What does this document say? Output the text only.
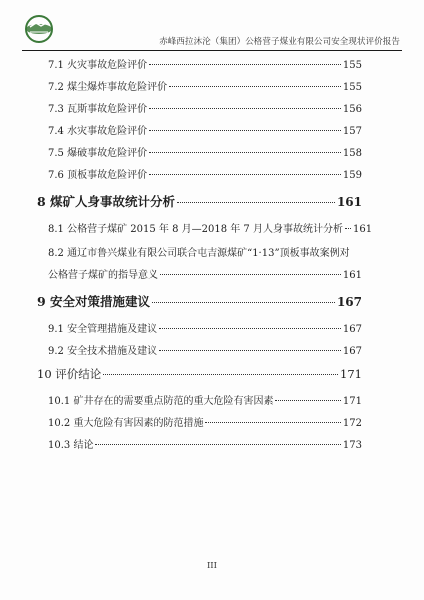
赤峰西拉沐沦（集团）公格营子煤业有限公司安全现状评价报告
7.1 火灾事故危险评价	155
7.2 煤尘爆炸事故危险评价	155
7.3 瓦斯事故危险评价	156
7.4 水灾事故危险评价	157
7.5 爆破事故危险评价	158
7.6 顶板事故危险评价	159
8 煤矿人身事故统计分析	161
8.1 公格营子煤矿 2015 年 8 月—2018 年 7 月人身事故统计分析 161
8.2 通辽市鲁兴煤业有限公司联合屯吉源煤矿“1·13”顶板事故案例对
公格营子煤矿的指导意义	161
9 安全对策措施建议	167
9.1 安全管理措施及建议	167
9.2 安全技术措施及建议	167
10 评价结论	171
10.1 矿井存在的需要重点防范的重大危险有害因素	171
10.2 重大危险有害因素的防范措施	172
10.3 结论	173
III
